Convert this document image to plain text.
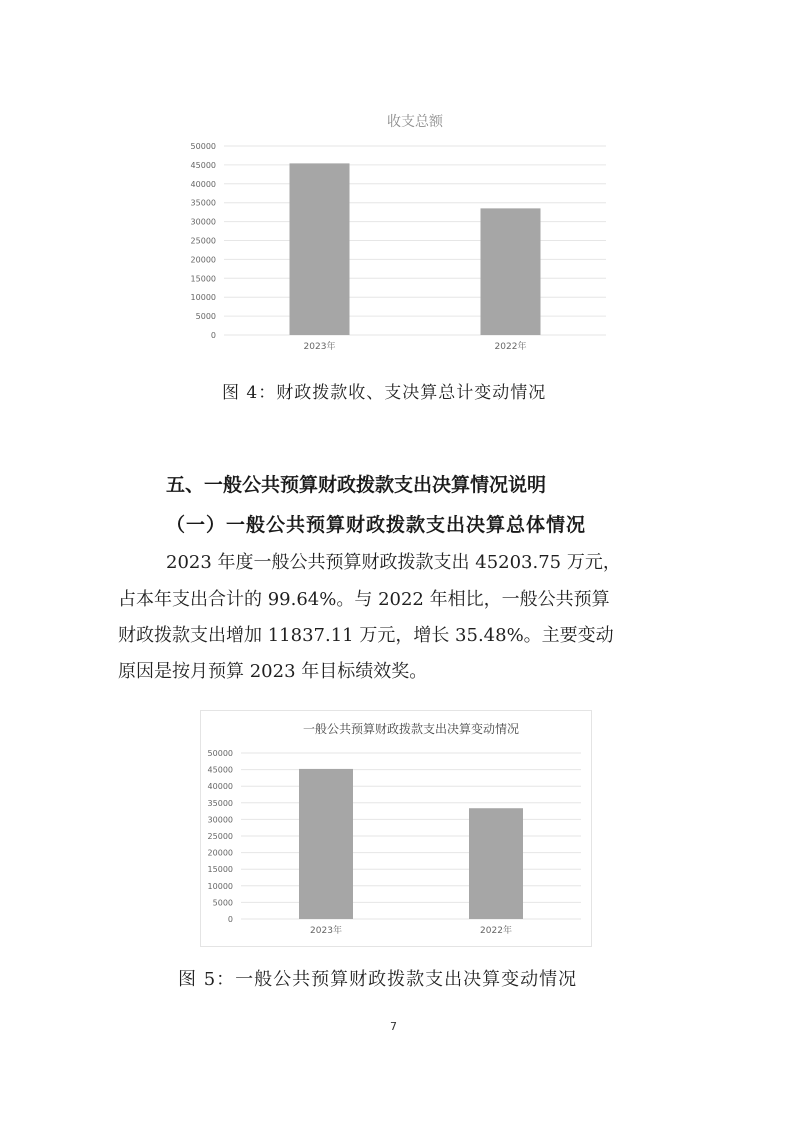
收支总额
0
5000
10000
15000
20000
25000
30000
35000
40000
45000
50000
2023年	2022年
图 4：财政拨款收、支决算总计变动情况
五、一般公共预算财政拨款支出决算情况说明
（一）一般公共预算财政拨款支出决算总体情况
2023 年度一般公共预算财政拨款支出 45203.75 万元，
占本年支出合计的 99.64%。与 2022 年相比，一般公共预算
财政拨款支出增加 11837.11 万元，增长 35.48%。主要变动
原因是按月预算 2023 年目标绩效奖。
一般公共预算财政拨款支出决算变动情况
0
5000
10000
15000
20000
25000
30000
35000
40000
45000
50000
2023年	2022年
图 5：一般公共预算财政拨款支出决算变动情况
7
